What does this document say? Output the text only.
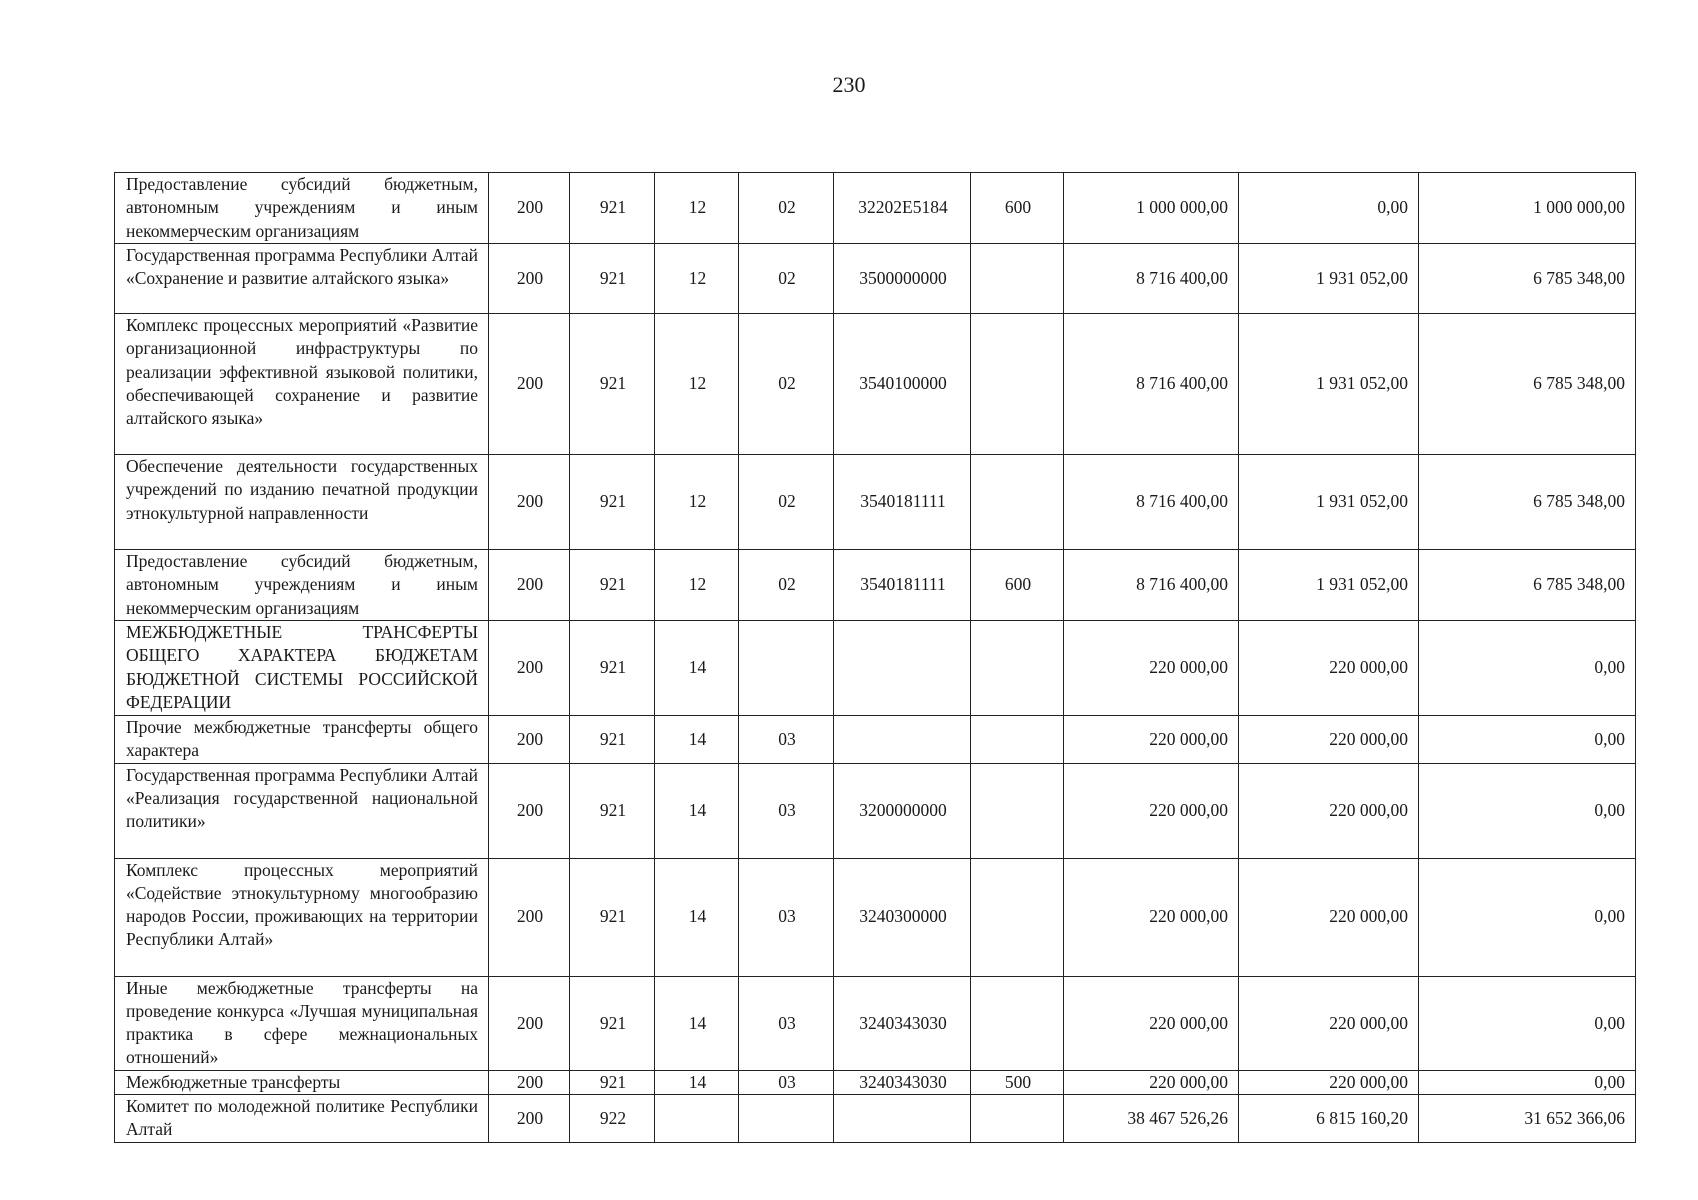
230
Предоставление субсидий бюджетным, автономным учреждениям и иным некоммерческим организациям	200	921	12	02	32202E5184	600	1 000 000,00	0,00	1 000 000,00
Государственная программа Республики Алтай «Сохранение и развитие алтайского языка»	200	921	12	02	3500000000		8 716 400,00	1 931 052,00	6 785 348,00
Комплекс процессных мероприятий «Развитие организационной инфраструктуры по реализации эффективной языковой политики, обеспечивающей сохранение и развитие алтайского языка»	200	921	12	02	3540100000		8 716 400,00	1 931 052,00	6 785 348,00
Обеспечение деятельности государственных учреждений по изданию печатной продукции этнокультурной направленности	200	921	12	02	3540181111		8 716 400,00	1 931 052,00	6 785 348,00
Предоставление субсидий бюджетным, автономным учреждениям и иным некоммерческим организациям	200	921	12	02	3540181111	600	8 716 400,00	1 931 052,00	6 785 348,00
МЕЖБЮДЖЕТНЫЕ ТРАНСФЕРТЫ ОБЩЕГО ХАРАКТЕРА БЮДЖЕТАМ БЮДЖЕТНОЙ СИСТЕМЫ РОССИЙСКОЙ ФЕДЕРАЦИИ	200	921	14				220 000,00	220 000,00	0,00
Прочие межбюджетные трансферты общего характера	200	921	14	03			220 000,00	220 000,00	0,00
Государственная программа Республики Алтай «Реализация государственной национальной политики»	200	921	14	03	3200000000		220 000,00	220 000,00	0,00
Комплекс процессных мероприятий «Содействие этнокультурному многообразию народов России, проживающих на территории Республики Алтай»	200	921	14	03	3240300000		220 000,00	220 000,00	0,00
Иные межбюджетные трансферты на проведение конкурса «Лучшая муниципальная практика в сфере межнациональных отношений»	200	921	14	03	3240343030		220 000,00	220 000,00	0,00
Межбюджетные трансферты	200	921	14	03	3240343030	500	220 000,00	220 000,00	0,00
Комитет по молодежной политике Республики Алтай	200	922					38 467 526,26	6 815 160,20	31 652 366,06
